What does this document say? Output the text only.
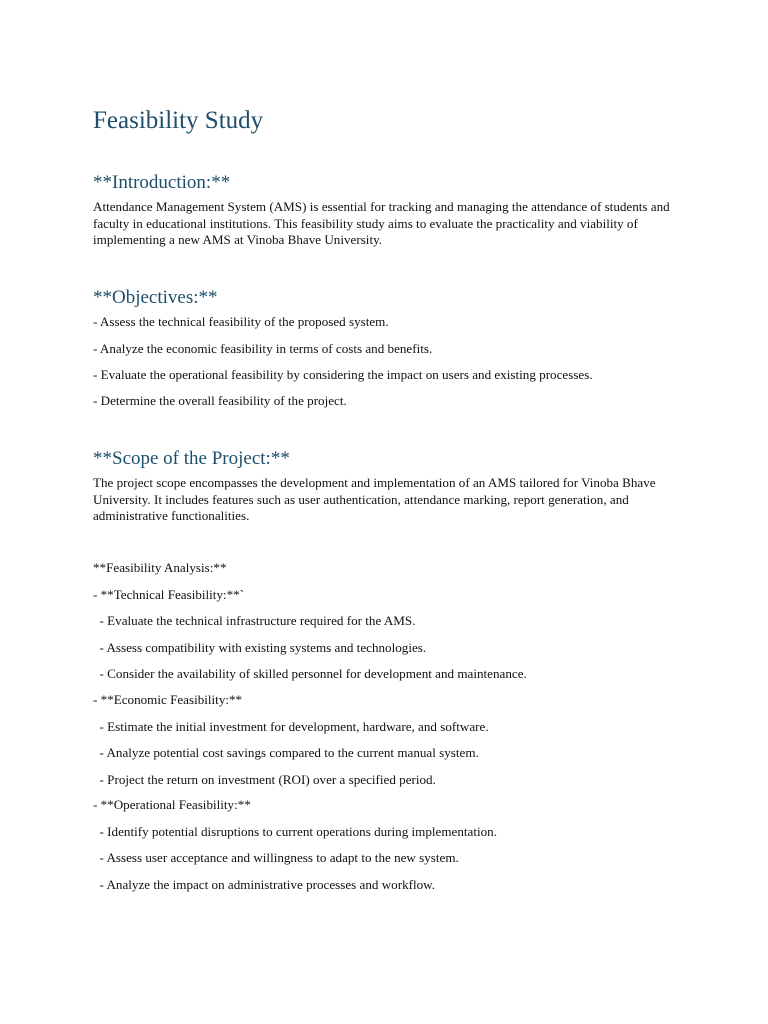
Feasibility Study
**Introduction:**

Attendance Management System (AMS) is essential for tracking and managing the attendance of students and faculty in educational institutions. This feasibility study aims to evaluate the practicality and viability of implementing a new AMS at Vinoba Bhave University.

**Objectives:**

- Assess the technical feasibility of the proposed system.

- Analyze the economic feasibility in terms of costs and benefits.

- Evaluate the operational feasibility by considering the impact on users and existing processes.

- Determine the overall feasibility of the project.

**Scope of the Project:**

The project scope encompasses the development and implementation of an AMS tailored for Vinoba Bhave University. It includes features such as user authentication, attendance marking, report generation, and administrative functionalities.

**Feasibility Analysis:**

- **Technical Feasibility:**`

- Evaluate the technical infrastructure required for the AMS.

- Assess compatibility with existing systems and technologies.

- Consider the availability of skilled personnel for development and maintenance.

- **Economic Feasibility:**

- Estimate the initial investment for development, hardware, and software.

- Analyze potential cost savings compared to the current manual system.

- Project the return on investment (ROI) over a specified period.

- **Operational Feasibility:**

- Identify potential disruptions to current operations during implementation.

- Assess user acceptance and willingness to adapt to the new system.

- Analyze the impact on administrative processes and workflow.
